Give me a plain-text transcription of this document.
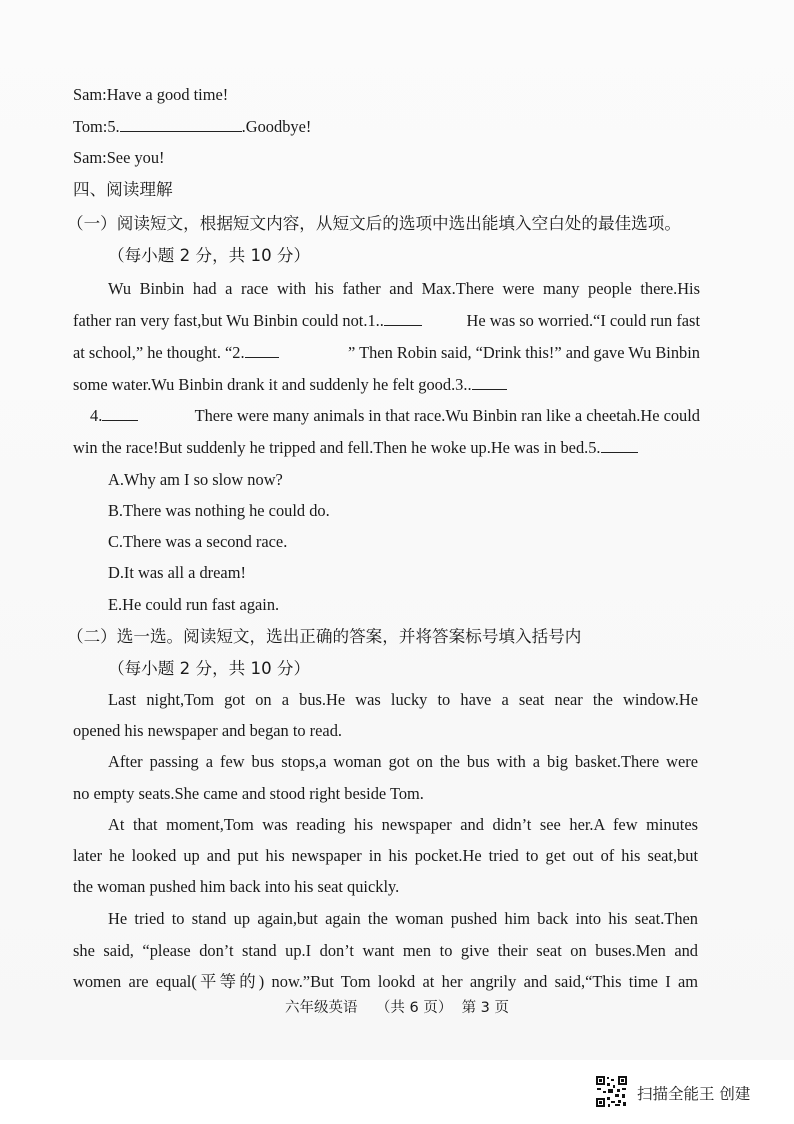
Sam:Have a good time!
Tom:5.	.Goodbye!
Sam:See you!
四、阅读理解
（一）阅读短文，根据短文内容，从短文后的选项中选出能填入空白处的最佳选项。
（每小题 2 分，共 10 分）
Wu Binbin had a race with his father and Max.There were many people there.His
father ran very fast,but Wu Binbin could not.1..	He was so worried.“I could run fast
at school,” he thought. “2.	” Then Robin said, “Drink this!” and gave Wu Binbin
some water.Wu Binbin drank it and suddenly he felt good.3..
4.	There were many animals in that race.Wu Binbin ran like a cheetah.He could
win the race!But suddenly he tripped and fell.Then he woke up.He was in bed.5.
A.Why am I so slow now?
B.There was nothing he could do.
C.There was a second race.
D.It was all a dream!
E.He could run fast again.
（二）选一选。阅读短文，选出正确的答案，并将答案标号填入括号内
（每小题 2 分，共 10 分）
Last night,Tom got on a bus.He was lucky to have a seat near the window.He
opened his newspaper and began to read.
After passing a few bus stops,a woman got on the bus with a big basket.There were
no empty seats.She came and stood right beside Tom.
At that moment,Tom was reading his newspaper and didn’t see her.A few minutes
later he looked up and put his newspaper in his pocket.He tried to get out of his seat,but
the woman pushed him back into his seat quickly.
He tried to stand up again,but again the woman pushed him back into his seat.Then
she said, “please don’t stand up.I don’t want men to give their seat on buses.Men and
women are equal(平等的) now.”But Tom lookd at her angrily and said,“This time I am
六年级英语    （共 6 页）  第 3 页
扫描全能王 创建
